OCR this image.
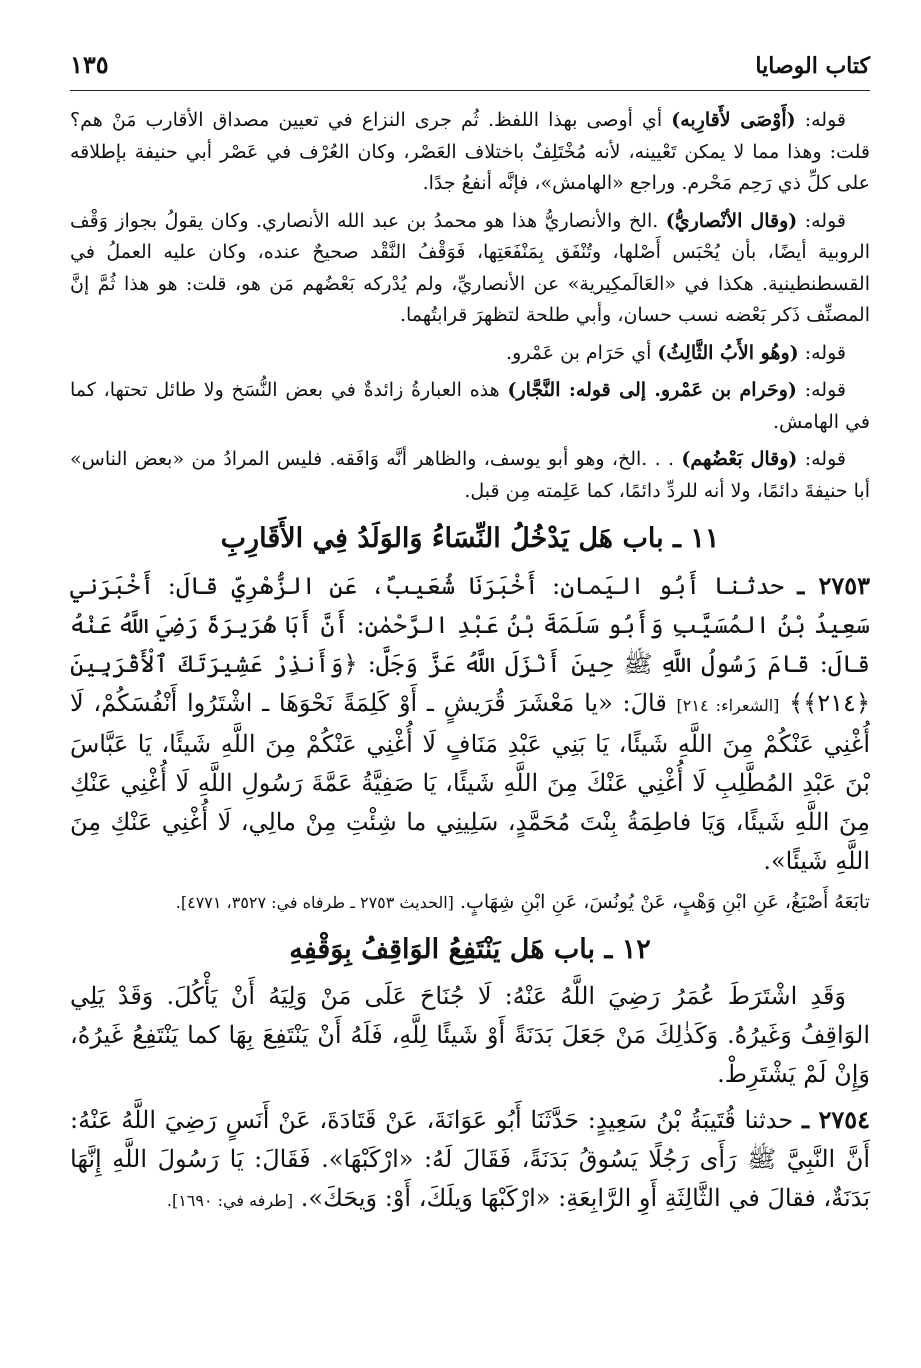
كتاب الوصايا
١٣٥
قوله: (أَوْصَى لأَقارِبه) أي أوصى بهذا اللفظ. ثُم جرى النزاع في تعيين مصداق الأقارب مَنْ هم؟ قلت: وهذا مما لا يمكن تَعْيينه، لأنه مُخْتَلِفٌ باختلاف العَصْر، وكان العُرْف في عَصْر أبي حنيفة بإطلاقه على كلِّ ذي رَحِم مَحْرم. وراجع «الهامش»، فإنَّه أنفعُ جدًا.
قوله: (وقال الأنْصاريُّ) .الخ والأنصاريُّ هذا هو محمدُ بن عبد الله الأنصاري. وكان يقولُ بجواز وَقْف الروبية أيضًا، بأن يُحْبَس أَصْلها، وتُنْفَق بِمَنْفَعَتِها، فَوَقْفُ النَّقْد صحيحٌ عنده، وكان عليه العملُ في القسطنطينية. هكذا في «العَالَمكِيرية» عن الأنصاريِّ، ولم يُدْركه بَعْضُهم مَن هو، قلت: هو هذا ثُمَّ إنَّ المصنِّف ذَكر بَعْضه نسب حسان، وأبي طلحة لتظهرَ قرابتُهما.
قوله: (وهُو الأَبُ الثَّالِثُ) أي حَرَام بن عَمْرو.
قوله: (وحَرام بن عَمْرو. إلى قوله: النَّجَّار) هذه العبارةُ زائدةٌ في بعض النُّسَخ ولا طائل تحتها، كما في الهامش.
قوله: (وقال بَعْضُهم) . . .الخ، وهو أبو يوسف، والظاهر أنَّه وَافَقه. فليس المرادُ من «بعض الناس» أبا حنيفةَ دائمًا، ولا أنه للردِّ دائمًا، كما عَلِمته مِن قبل.
١١ ـ باب هَل يَدْخُلُ النِّسَاءُ وَالوَلَدُ فِي الأَقَارِبِ
٢٧٥٣ ـ حدثنا أَبُو اليَمانِ: أَخْبَرَنَا شُعَيبٌ، عَنِ الزُّهْرِيِّ قالَ: أَخْبَرَني سَعِيدُ بْنُ المُسَيَّبِ وَأَبُو سَلَمَةَ بْنُ عَبْدِ الرَّحْمٰنِ: أَنَّ أَبَا هُرَيرَةَ رَضِيَ اللَّهُ عَنْهُ قالَ: قامَ رَسُولُ اللَّهِ ﷺ حِينَ أَنْزَلَ اللَّهُ عَزَّ وَجَلَّ: ﴿وَأَنذِرْ عَشِيرَتَكَ ٱلْأَقْرَبِينَ ﴿٢١٤﴾﴾ [الشعراء: ٢١٤] قالَ: «يا مَعْشَرَ قُرَيشٍ ـ أَوْ كَلِمَةً نَحْوَهَا ـ اشْتَرُوا أَنْفُسَكُمْ، لَا أُغْنِي عَنْكُمْ مِنَ اللَّهِ شَيئًا، يَا بَنِي عَبْدِ مَنَافٍ لَا أُغْنِي عَنْكُمْ مِنَ اللَّهِ شَيئًا، يَا عَبَّاسَ بْنَ عَبْدِ المُطَّلِبِ لَا أُغْنِي عَنْكَ مِنَ اللَّهِ شَيئًا، يَا صَفِيَّةُ عَمَّةَ رَسُولِ اللَّهِ لَا أُغْنِي عَنْكِ مِنَ اللَّهِ شَيئًا، وَيَا فاطِمَةُ بِنْتَ مُحَمَّدٍ، سَلِينِي ما شِئْتِ مِنْ مالِي، لَا أُغْنِي عَنْكِ مِنَ اللَّهِ شَيئًا».
تابَعَهُ أَصْبَغُ، عَنِ ابْنِ وَهْبٍ، عَنْ يُونُسَ، عَنِ ابْنِ شِهَابٍ. [الحديث ٢٧٥٣ ـ طرفاه في: ٣٥٢٧، ٤٧٧١].
١٢ ـ باب هَل يَنْتَفِعُ الوَاقِفُ بِوَقْفِهِ
وَقَدِ اشْتَرَطَ عُمَرُ رَضِيَ اللَّهُ عَنْهُ: لَا جُنَاحَ عَلَى مَنْ وَلِيَهُ أَنْ يَأْكُلَ. وَقَدْ يَلِي الوَاقِفُ وَغَيرُهُ. وَكَذٰلِكَ مَنْ جَعَلَ بَدَنَةً أَوْ شَيئًا لِلَّهِ، فَلَهُ أَنْ يَنْتَفِعَ بِهَا كما يَنْتَفِعُ غَيرُهُ، وَإِنْ لَمْ يَشْتَرِطْ.
٢٧٥٤ ـ حدثنا قُتَيبَةُ بْنُ سَعِيدٍ: حَدَّثَنَا أَبُو عَوَانَةَ، عَنْ قَتَادَةَ، عَنْ أَنَسٍ رَضِيَ اللَّهُ عَنْهُ: أَنَّ النَّبِيَّ ﷺ رَأَى رَجُلًا يَسُوقُ بَدَنَةً، فَقَالَ لَهُ: «ارْكَبْهَا». فَقَالَ: يَا رَسُولَ اللَّهِ إِنَّهَا بَدَنَةٌ، فقالَ في الثَّالِثَةِ أَوِ الرَّابِعَةِ: «ارْكَبْهَا وَيلَكَ، أَوْ: وَيحَكَ». [طرفه في: ١٦٩٠].
